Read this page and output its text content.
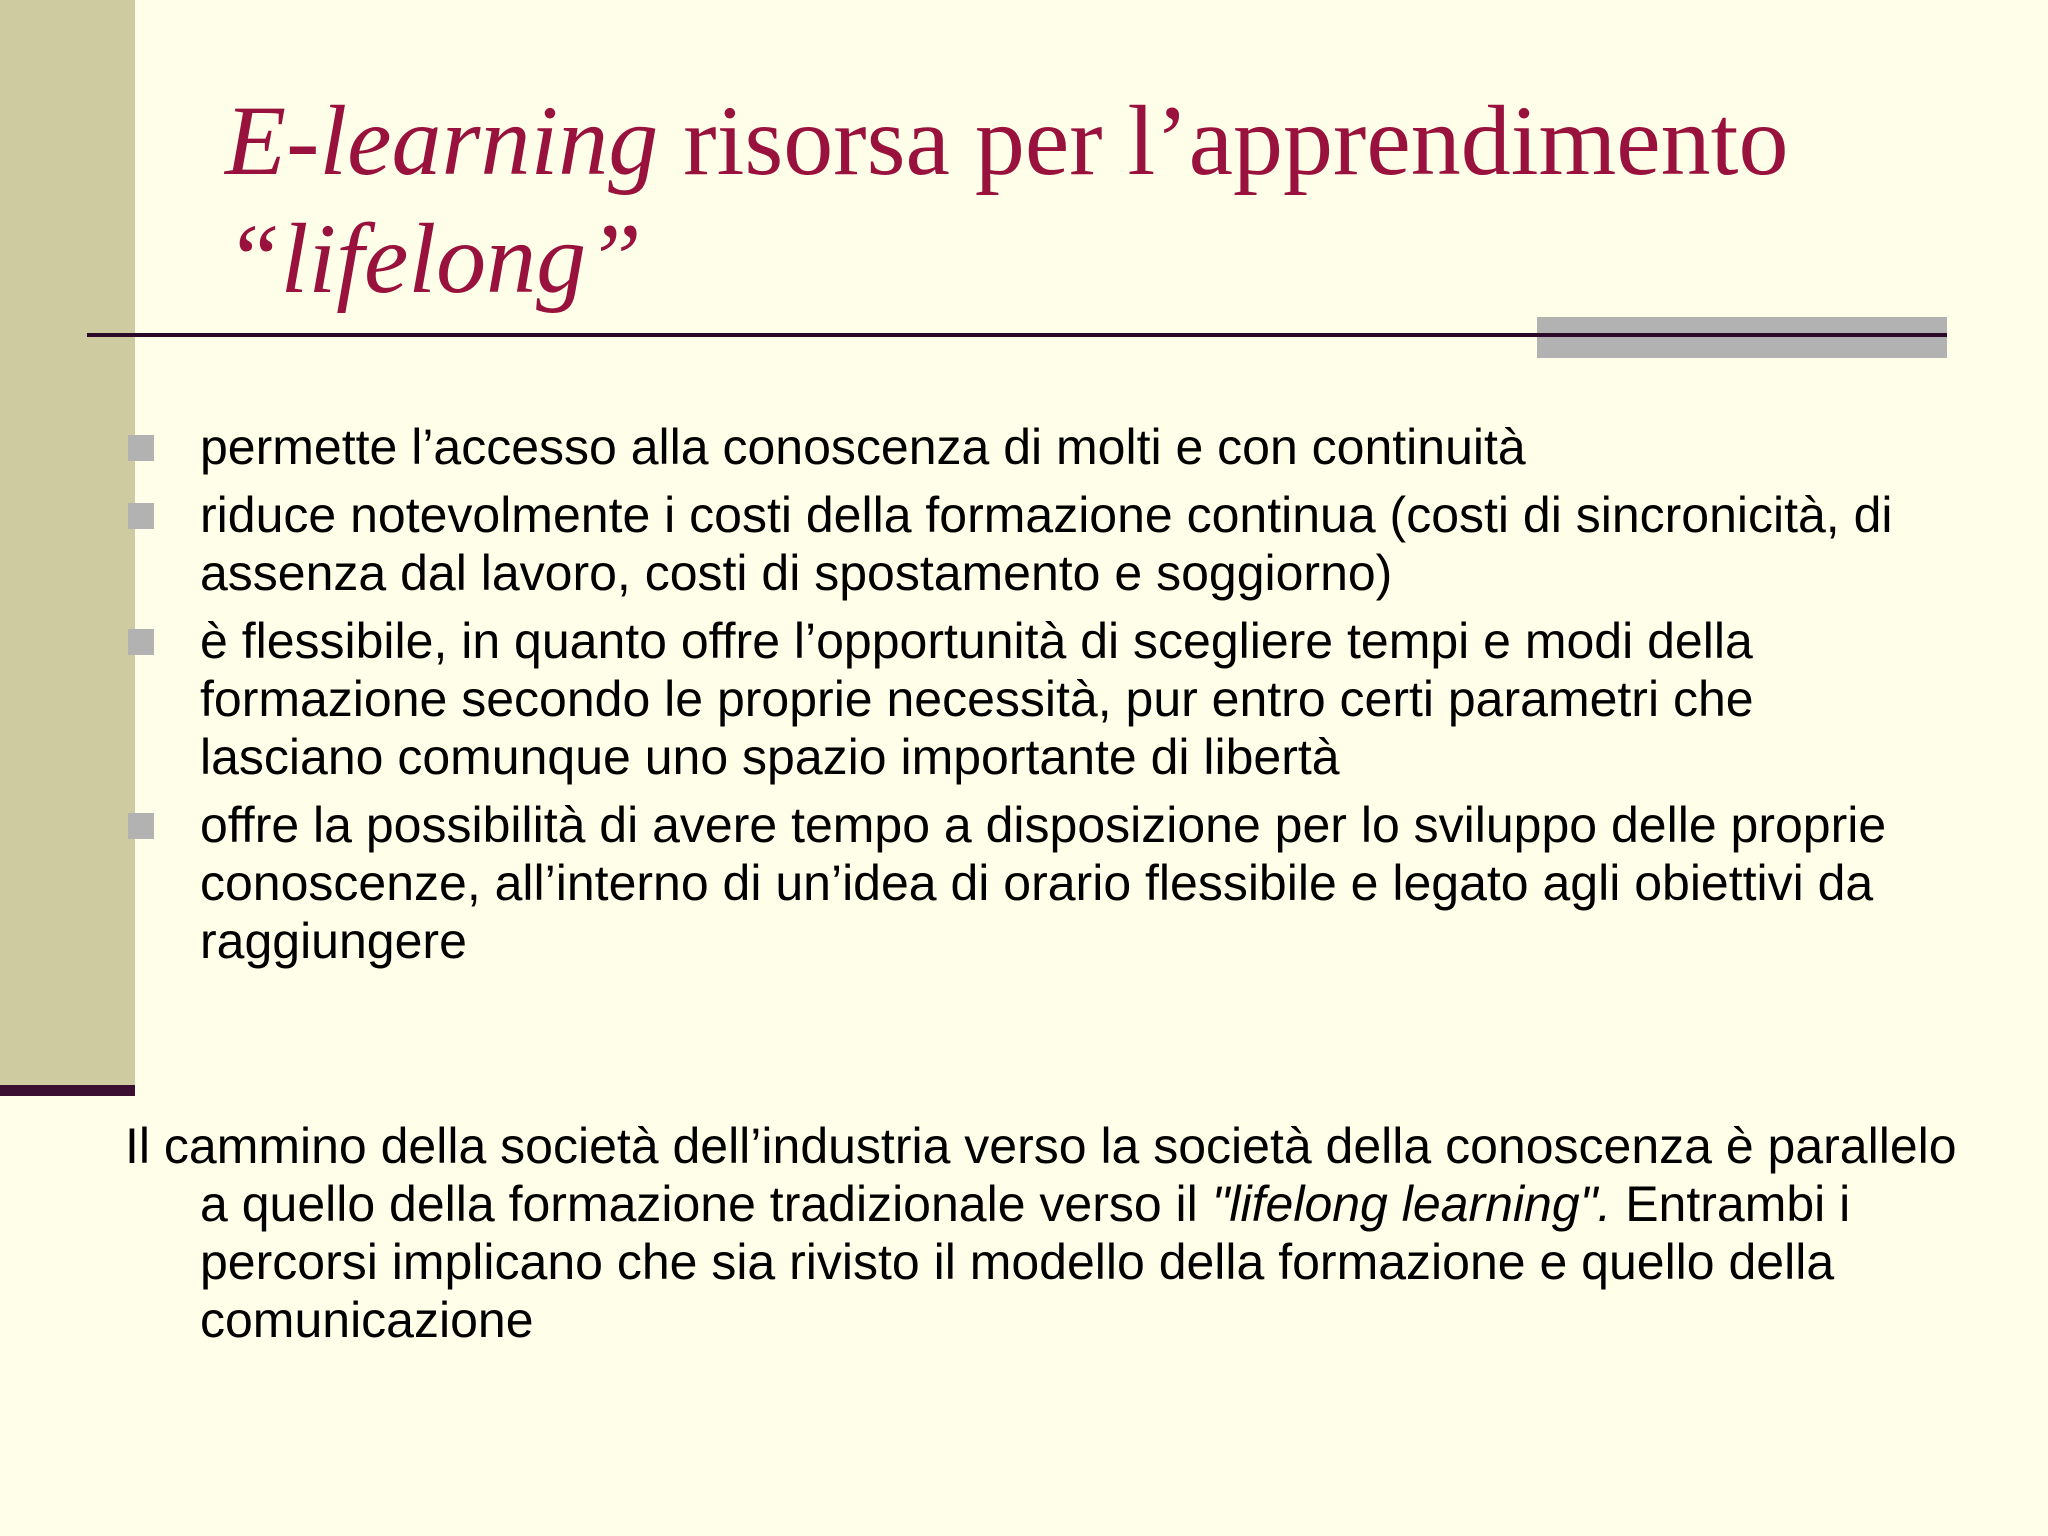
E-learning risorsa per l’apprendimento
“lifelong”
permette l’accesso alla conoscenza di molti e con continuità
riduce notevolmente i costi della formazione continua (costi di sincronicità, di assenza dal lavoro, costi di spostamento e soggiorno)
è flessibile, in quanto offre l’opportunità di scegliere tempi e modi della formazione secondo le proprie necessità, pur entro certi parametri che lasciano comunque uno spazio importante di libertà
offre la possibilità di avere tempo a disposizione per lo sviluppo delle proprie conoscenze, all’interno di un’idea di orario flessibile e legato agli obiettivi da raggiungere

Il cammino della società dell’industria verso la società della conoscenza è parallelo a quello della formazione tradizionale verso il "lifelong learning". Entrambi i percorsi implicano che sia rivisto il modello della formazione e quello della comunicazione
